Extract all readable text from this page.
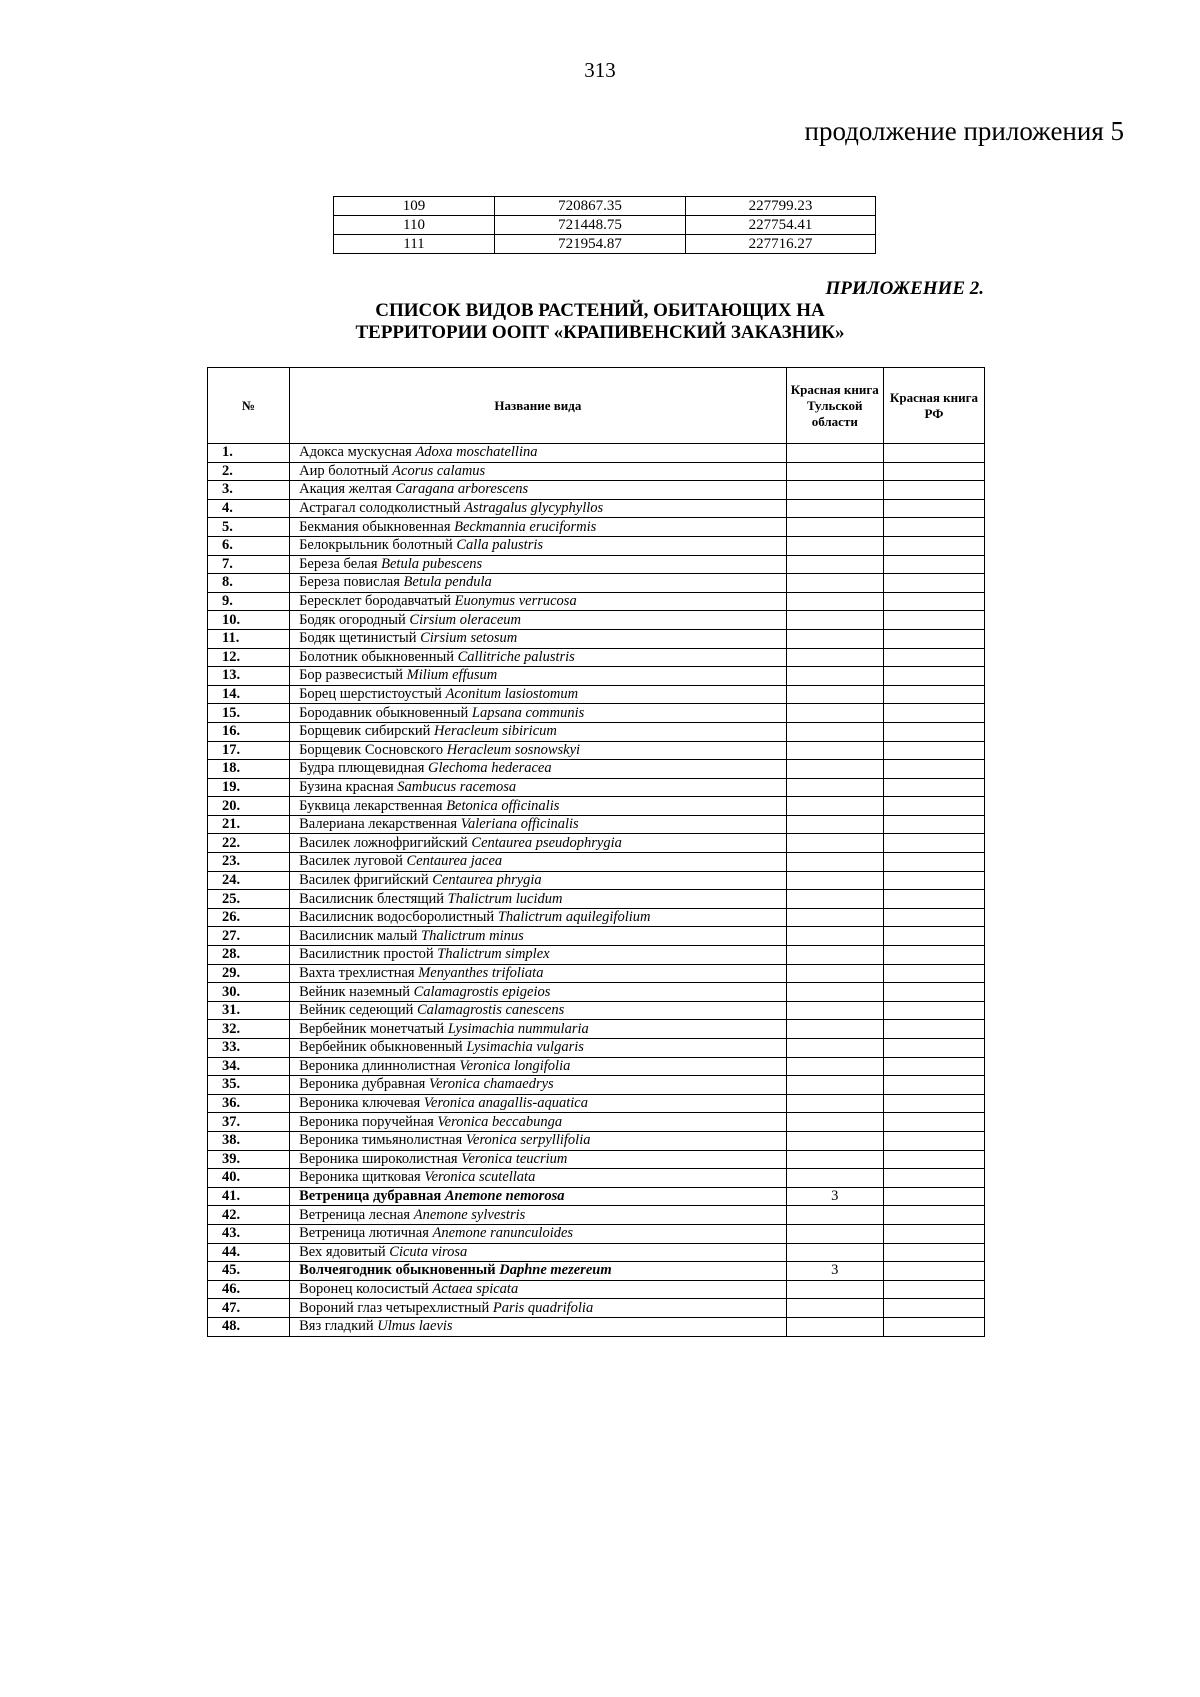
313
продолжение приложения 5
109	720867.35	227799.23
110	721448.75	227754.41
111	721954.87	227716.27
ПРИЛОЖЕНИЕ 2.
СПИСОК ВИДОВ РАСТЕНИЙ, ОБИТАЮЩИХ НА
ТЕРРИТОРИИ ООПТ «КРАПИВЕНСКИЙ ЗАКАЗНИК»
№	Название вида	Красная книга Тульской области	Красная книга РФ
1.	Адокса мускусная Adoxa moschatellina		
2.	Аир болотный Acorus calamus		
3.	Акация желтая Caragana arborescens		
4.	Астрагал солодколистный Astragalus glycyphyllos		
5.	Бекмания обыкновенная Beckmannia eruciformis		
6.	Белокрыльник болотный Calla palustris		
7.	Береза белая Betula pubescens		
8.	Береза повислая Betula pendula		
9.	Бересклет бородавчатый Euonymus verrucosa		
10.	Бодяк огородный Cirsium oleraceum		
11.	Бодяк щетинистый Cirsium setosum		
12.	Болотник обыкновенный Callitriche palustris		
13.	Бор развесистый Milium effusum		
14.	Борец шерстистоустый Aconitum lasiostomum		
15.	Бородавник обыкновенный Lapsana communis		
16.	Борщевик сибирский Heracleum sibiricum		
17.	Борщевик Сосновского Heracleum sosnowskyi		
18.	Будра плющевидная Glechoma hederacea		
19.	Бузина красная Sambucus racemosa		
20.	Буквица лекарственная Betonica officinalis		
21.	Валериана лекарственная Valeriana officinalis		
22.	Василек ложнофригийский Centaurea pseudophrygia		
23.	Василек луговой Centaurea jacea		
24.	Василек фригийский Centaurea phrygia		
25.	Василисник блестящий Thalictrum lucidum		
26.	Василисник водосборолистный Thalictrum aquilegifolium		
27.	Василисник малый Thalictrum minus		
28.	Василистник простой Thalictrum simplex		
29.	Вахта трехлистная Menyanthes trifoliata		
30.	Вейник наземный Calamagrostis epigeios		
31.	Вейник седеющий Calamagrostis canescens		
32.	Вербейник монетчатый Lysimachia nummularia		
33.	Вербейник обыкновенный Lysimachia vulgaris		
34.	Вероника длиннолистная Veronica longifolia		
35.	Вероника дубравная Veronica chamaedrys		
36.	Вероника ключевая Veronica anagallis-aquatica		
37.	Вероника поручейная Veronica beccabunga		
38.	Вероника тимьянолистная Veronica serpyllifolia		
39.	Вероника широколистная Veronica teucrium		
40.	Вероника щитковая Veronica scutellata		
41.	Ветреница дубравная Anemone nemorosa	3	
42.	Ветреница лесная Anemone sylvestris		
43.	Ветреница лютичная Anemone ranunculoides		
44.	Вех ядовитый Cicuta virosa		
45.	Волчеягодник обыкновенный Daphne mezereum	3	
46.	Воронец колосистый Actaea spicata		
47.	Вороний глаз четырехлистный Paris quadrifolia		
48.	Вяз гладкий Ulmus laevis		
